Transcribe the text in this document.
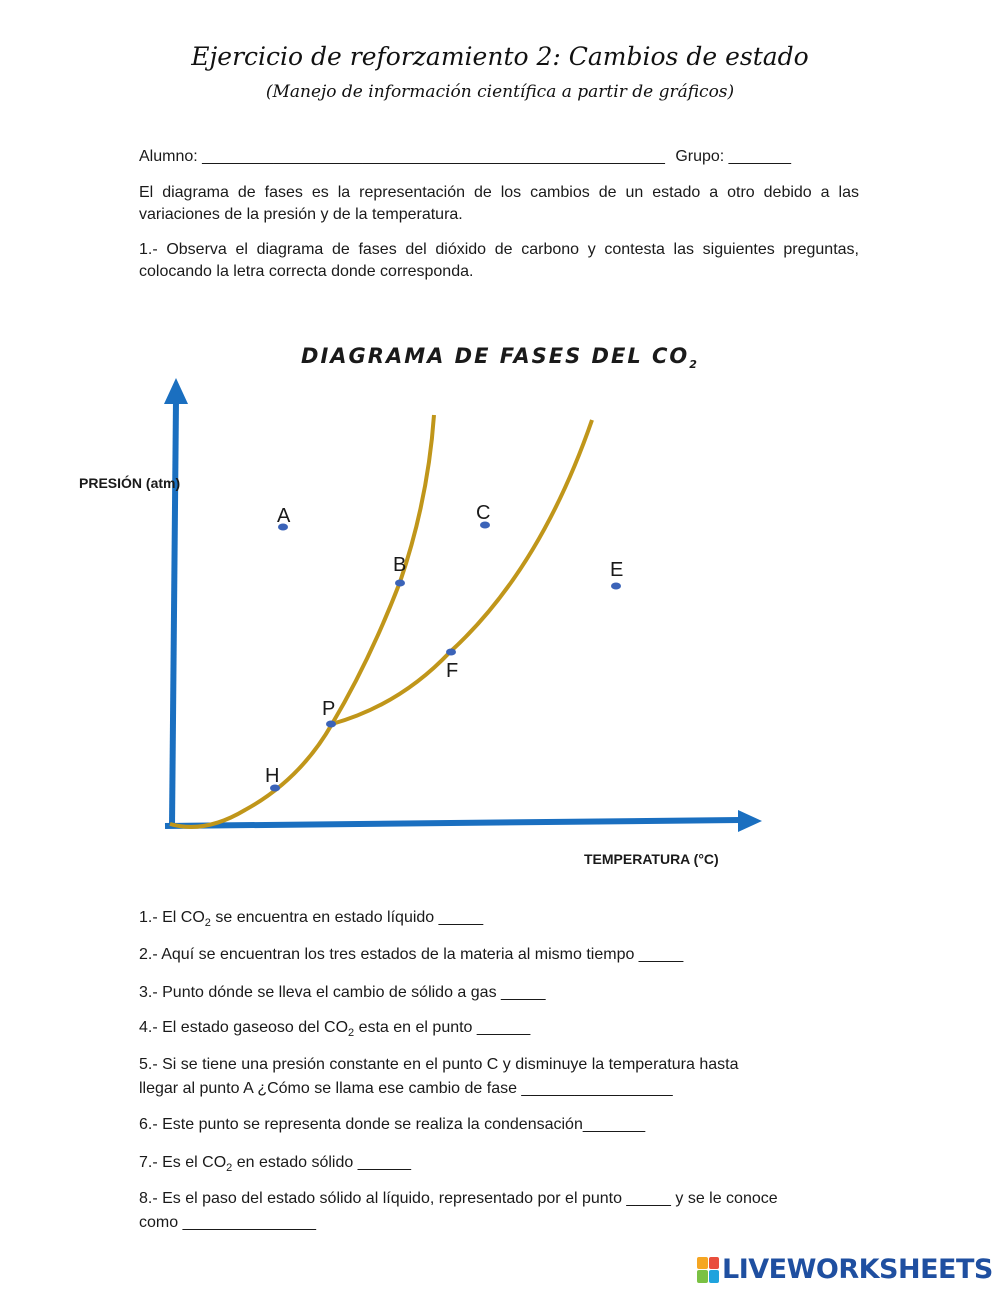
Ejercicio de reforzamiento 2: Cambios de estado
(Manejo de información científica a partir de gráficos)
Alumno: ____________________________________________________ Grupo: _______
El diagrama de fases es la representación de los cambios de un estado a otro debido a las variaciones de la presión y de la temperatura.
1.- Observa el diagrama de fases del dióxido de carbono y contesta las siguientes preguntas, colocando la letra correcta donde corresponda.
DIAGRAMA DE FASES DEL $CO_2$
A
B
C
E
F
P
H
PRESIÓN (atm)
TEMPERATURA (°C)
1.- El $CO_2$ se encuentra en estado líquido _____
2.- Aquí se encuentran los tres estados de la materia al mismo tiempo _____
3.- Punto dónde se lleva el cambio de sólido a gas _____
4.- El estado gaseoso del $CO_2$ esta en el punto ______
5.- Si se tiene una presión constante en el punto C y disminuye la temperatura hasta
llegar al punto A ¿Cómo se llama ese cambio de fase _________________
6.- Este punto se representa donde se realiza la condensación_______
7.- Es el $CO_2$ en estado sólido ______
8.- Es el paso del estado sólido al líquido, representado por el punto _____ y se le conoce
como _______________
LIVEWORKSHEETS
